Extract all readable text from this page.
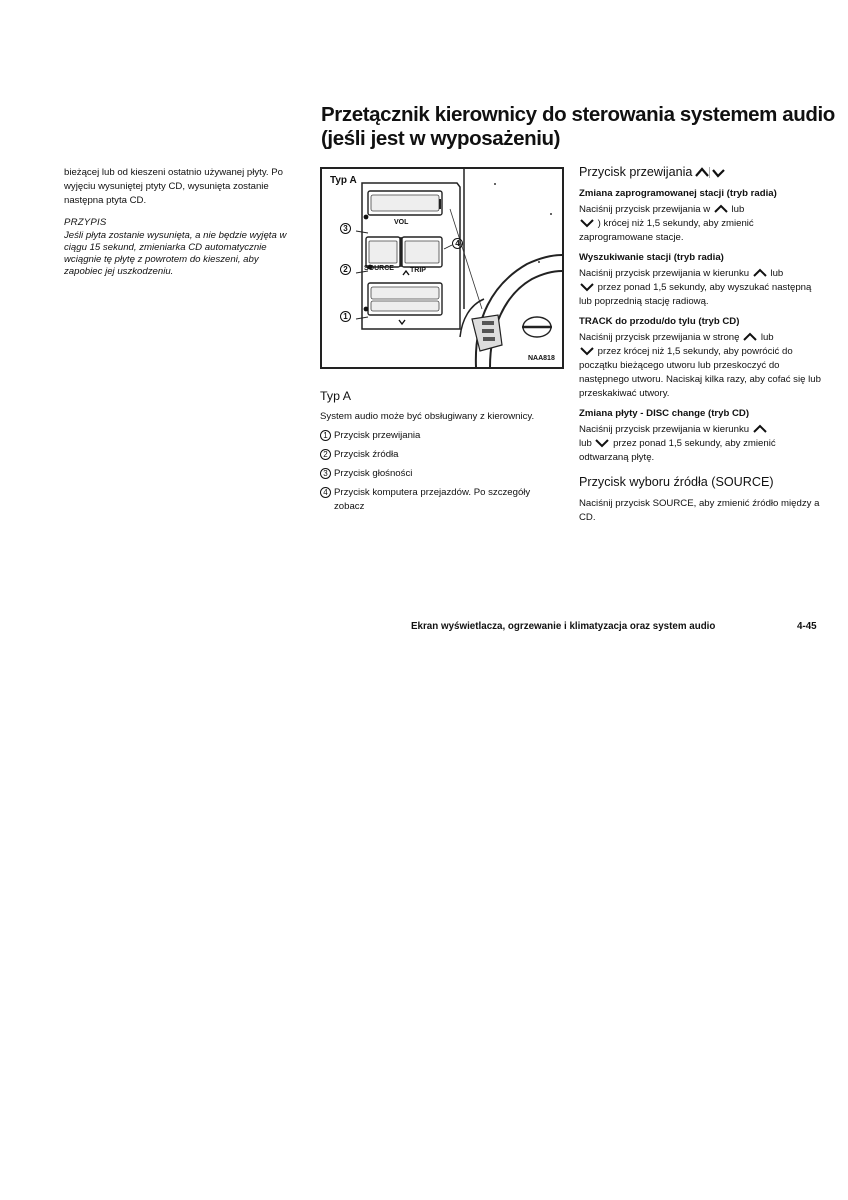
Przetącznik kierownicy do sterowania systemem audio
(jeśli jest w wyposażeniu)

bieżącej lub od kieszeni ostatnio używanej płyty. Po wyjęciu wysuniętej ptyty CD, wysunięta zostanie następna ptyta CD.

PRZYPIS

Jeśli płyta zostanie wysunięta, a nie będzie wyjęta w ciągu 15 sekund, zmieniarka CD automatycznie wciągnie tę płytę z powrotem do kieszeni, aby zapobiec jej uszkodzeniu.

Typ A
3
VOL
4
2	SOURCE TRIP
1
NAA818

Typ A

System audio może być obsługiwany z kierownicy.

1 Przycisk przewijania
2 Przycisk źródła
3 Przycisk głośności
4 Przycisk komputera przejazdów. Po szczegóły zobacz

Przycisk przewijania

Zmiana zaprogramowanej stacji (tryb radia)

Naciśnij przycisk przewijania w lub
) krócej niż 1,5 sekundy, aby zmienić zaprogramowane stacje.

Wyszukiwanie stacji (tryb radia)

Naciśnij przycisk przewijania w kierunku lub
przez ponad 1,5 sekundy, aby wyszukać następną lub poprzednią stację radiową.

TRACK do przodu/do tylu (tryb CD)

Naciśnij przycisk przewijania w stronę lub
przez krócej niż 1,5 sekundy, aby powrócić do początku bieżącego utworu lub przeskoczyć do następnego utworu. Naciskaj kilka razy, aby cofać się lub przeskakiwać utwory.

Zmiana płyty - DISC change (tryb CD)

Naciśnij przycisk przewijania w kierunku
lub przez ponad 1,5 sekundy, aby zmienić odtwarzaną płytę.

Przycisk wyboru źródła (SOURCE)

Naciśnij przycisk SOURCE, aby zmienić źródło między a CD.

Ekran wyświetlacza, ogrzewanie i klimatyzacja oraz system audio	4-45
